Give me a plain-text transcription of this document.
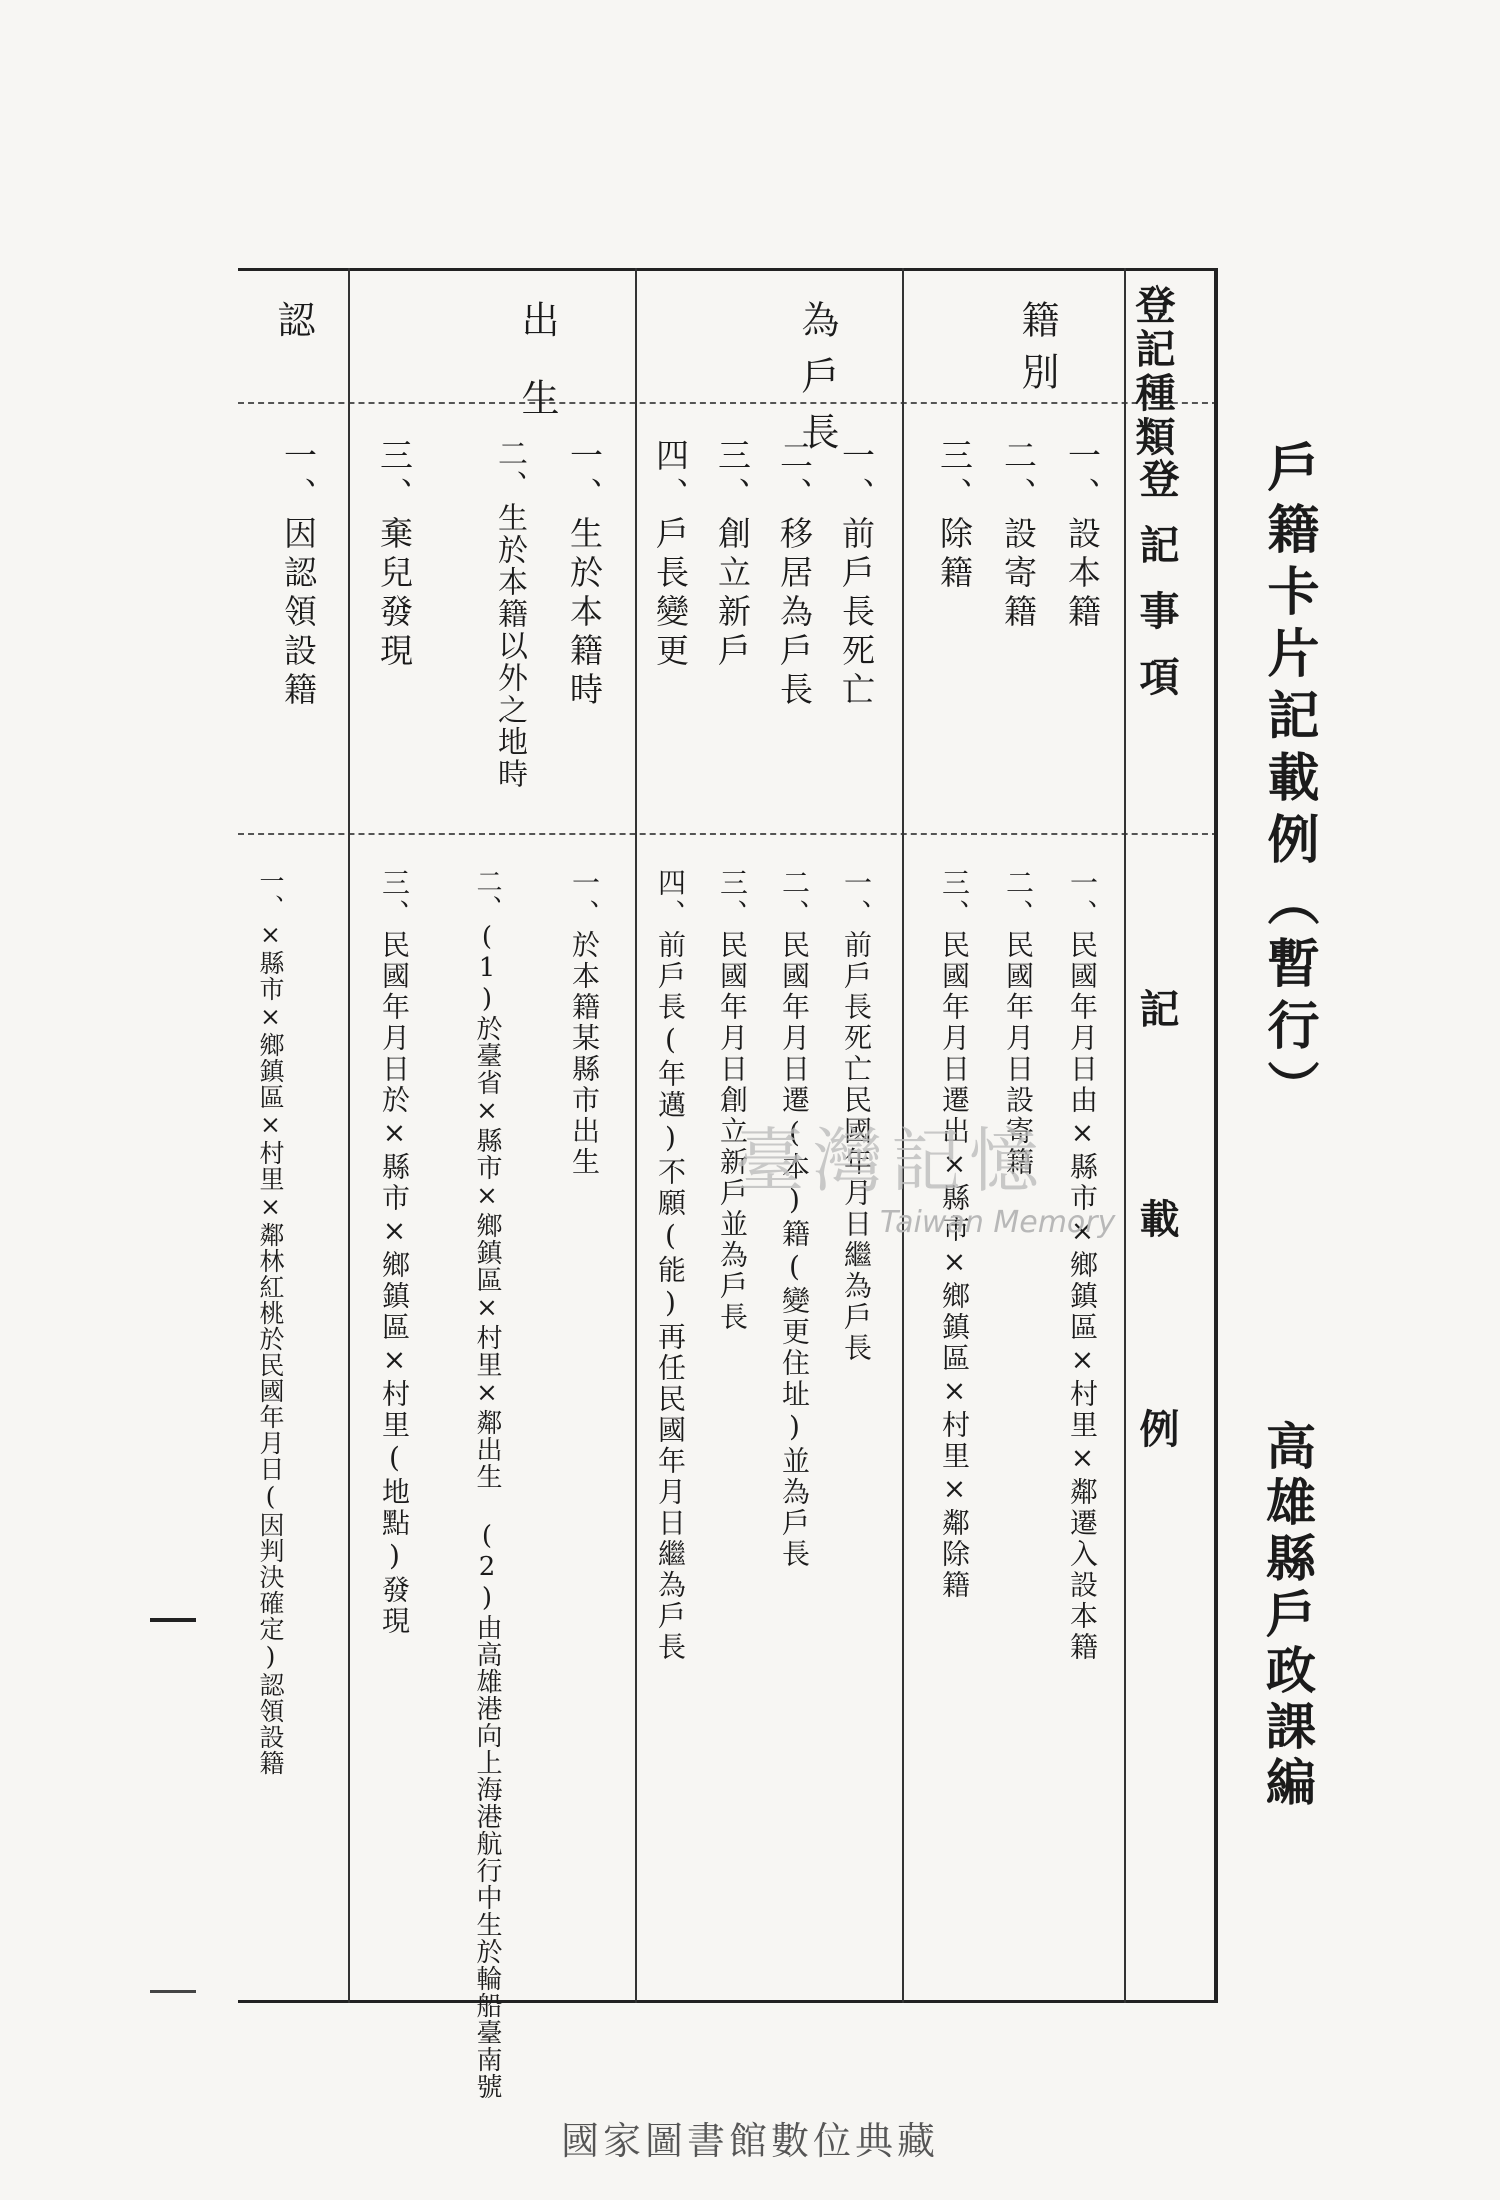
戶籍卡片記載例（暫行）
高雄縣戶政課編
登記種類
登記事項
記載例
籍別
一、設本籍
二、設寄籍
三、除籍
一、民國年月日由×縣市×鄉鎮區×村里×鄰遷入設本籍
二、民國年月日設寄籍
三、民國年月日遷出×縣市×鄉鎮區×村里×鄰除籍
為戶長
一、前戶長死亡
二、移居為戶長
三、創立新戶
四、戶長變更
一、前戶長死亡民國年月日繼為戶長
二、民國年月日遷(本)籍(變更住址)並為戶長
三、民國年月日創立新戶並為戶長
四、前戶長(年邁)不願(能)再任民國年月日繼為戶長
出生
一、生於本籍時
二、生於本籍以外之地時
三、棄兒發現
一、於本籍某縣市出生
二、(1)於臺省×縣市×鄉鎮區×村里×鄰出生 (2)由高雄港向上海港航行中生於輪船臺南號
三、民國年月日於×縣市×鄉鎮區×村里(地點)發現
認
一、因認領設籍
一、×縣市×鄉鎮區×村里×鄰林紅桃於民國年月日(因判決確定)認領設籍	臺灣記憶
Taiwan Memory
國家圖書館數位典藏
